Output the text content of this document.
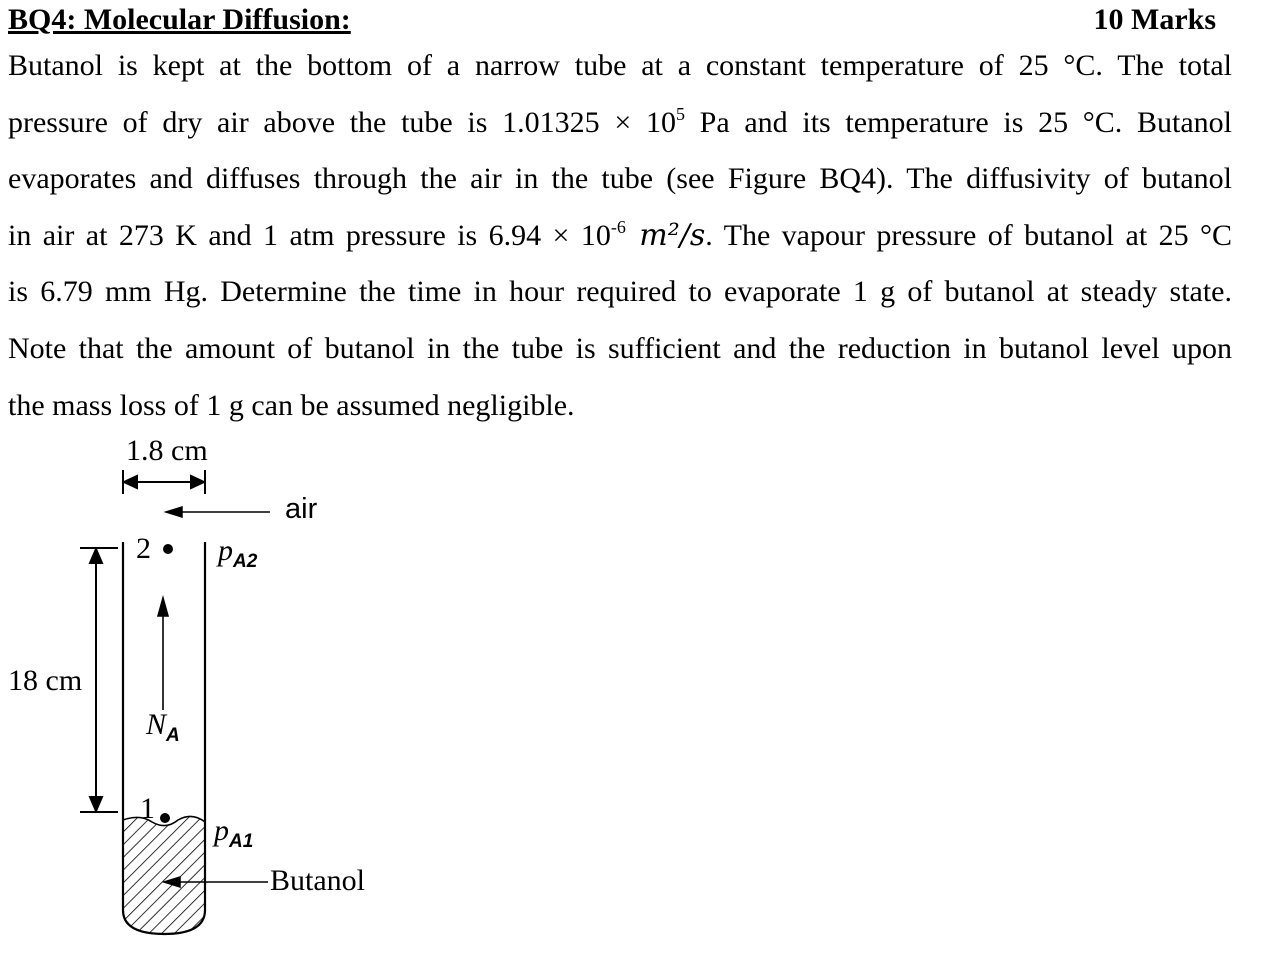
BQ4: Molecular Diffusion:	10 Marks
Butanol is kept at the bottom of a narrow tube at a constant temperature of 25 °C. The total
pressure of dry air above the tube is $1.01325 \times 10^5$ Pa and its temperature is 25 °C. Butanol
evaporates and diffuses through the air in the tube (see Figure BQ4). The diffusivity of butanol
in air at 273 K and 1 atm pressure is $6.94 \times 10^{-6}$ m²/s. The vapour pressure of butanol at 25 °C
is 6.79 mm Hg. Determine the time in hour required to evaporate 1 g of butanol at steady state.
Note that the amount of butanol in the tube is sufficient and the reduction in butanol level upon
the mass loss of 1 g can be assumed negligible.
1.8 cm
air
2 $p_{A2}$
18 cm
$N_A$
1
$p_{A1}$
Butanol
